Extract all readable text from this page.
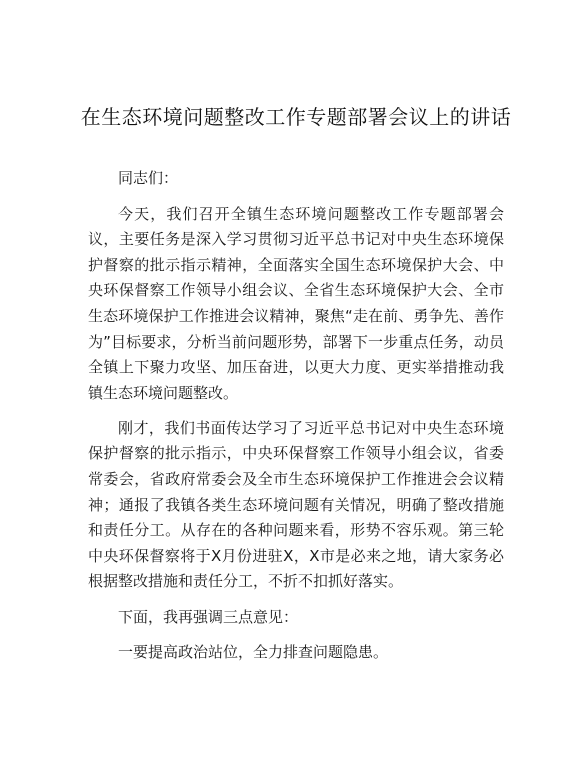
在生态环境问题整改工作专题部署会议上的讲话

同志们：

今天，我们召开全镇生态环境问题整改工作专题部署会议，主要任务是深入学习贯彻习近平总书记对中央生态环境保护督察的批示指示精神，全面落实全国生态环境保护大会、中央环保督察工作领导小组会议、全省生态环境保护大会、全市生态环境保护工作推进会议精神，聚焦“走在前、勇争先、善作为”目标要求，分析当前问题形势，部署下一步重点任务，动员全镇上下聚力攻坚、加压奋进，以更大力度、更实举措推动我镇生态环境问题整改。

刚才，我们书面传达学习了习近平总书记对中央生态环境保护督察的批示指示，中央环保督察工作领导小组会议，省委常委会，省政府常委会及全市生态环境保护工作推进会会议精神；通报了我镇各类生态环境问题有关情况，明确了整改措施和责任分工。从存在的各种问题来看，形势不容乐观。第三轮中央环保督察将于X月份进驻X，X市是必来之地，请大家务必根据整改措施和责任分工，不折不扣抓好落实。

下面，我再强调三点意见：

一要提高政治站位，全力排查问题隐患。
